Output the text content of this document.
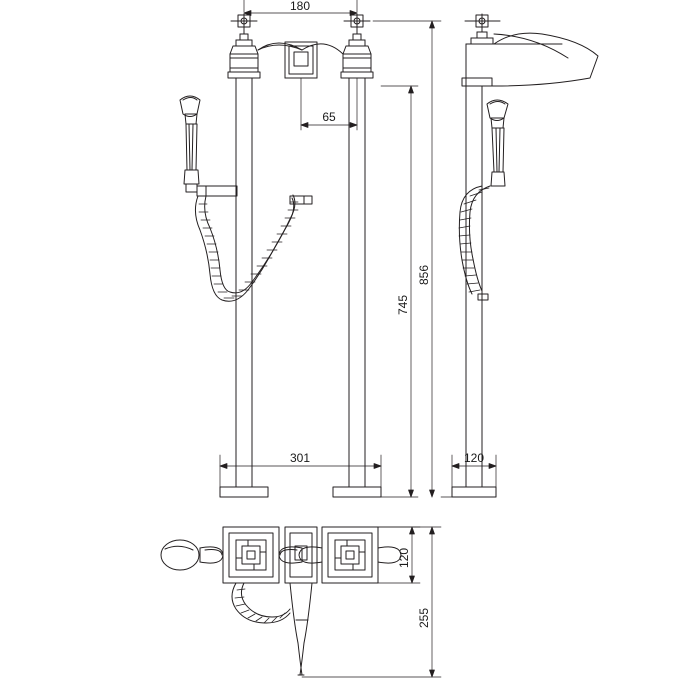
180
65
301	120
856
745
120
255
